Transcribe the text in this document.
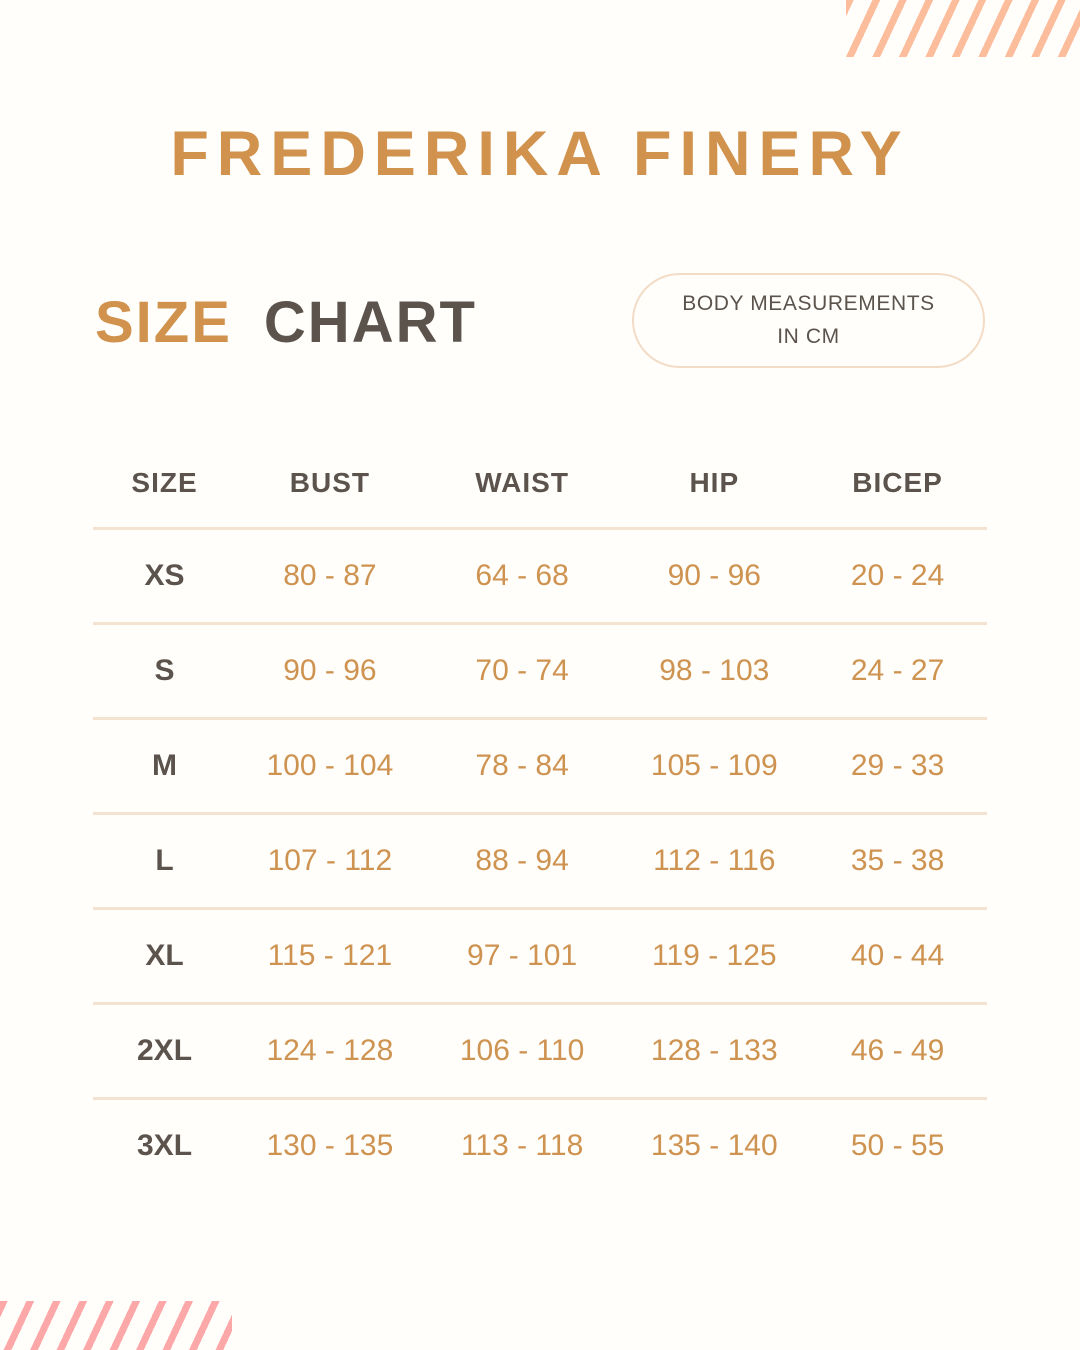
FREDERIKA FINERY
SIZE CHART	BODY MEASUREMENTS IN CM
SIZE	BUST	WAIST	HIP	BICEP
XS	80 - 87	64 - 68	90 - 96	20 - 24
S	90 - 96	70 - 74	98 - 103	24 - 27
M	100 - 104	78 - 84	105 - 109	29 - 33
L	107 - 112	88 - 94	112 - 116	35 - 38
XL	115 - 121	97 - 101	119 - 125	40 - 44
2XL	124 - 128	106 - 110	128 - 133	46 - 49
3XL	130 - 135	113 - 118	135 - 140	50 - 55
